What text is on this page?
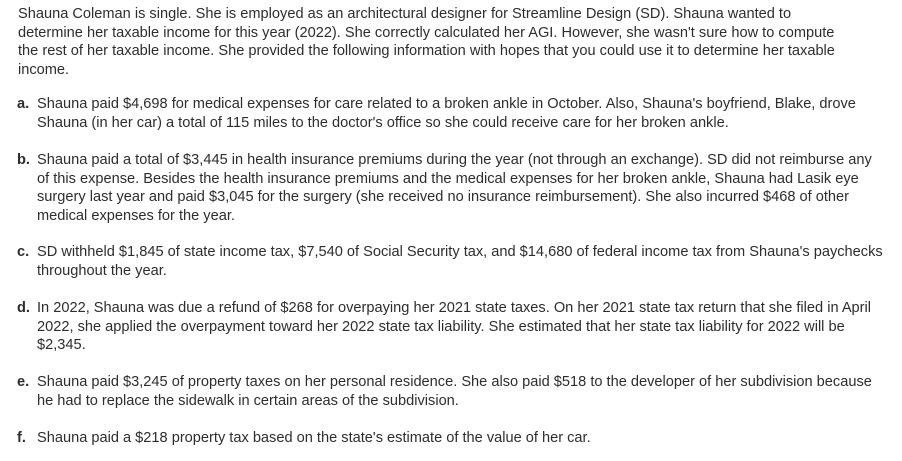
Shauna Coleman is single. She is employed as an architectural designer for Streamline Design (SD). Shauna wanted to determine her taxable income for this year (2022). She correctly calculated her AGI. However, she wasn't sure how to compute the rest of her taxable income. She provided the following information with hopes that you could use it to determine her taxable income.

a. Shauna paid $4,698 for medical expenses for care related to a broken ankle in October. Also, Shauna's boyfriend, Blake, drove Shauna (in her car) a total of 115 miles to the doctor's office so she could receive care for her broken ankle.

b. Shauna paid a total of $3,445 in health insurance premiums during the year (not through an exchange). SD did not reimburse any of this expense. Besides the health insurance premiums and the medical expenses for her broken ankle, Shauna had Lasik eye surgery last year and paid $3,045 for the surgery (she received no insurance reimbursement). She also incurred $468 of other medical expenses for the year.

c. SD withheld $1,845 of state income tax, $7,540 of Social Security tax, and $14,680 of federal income tax from Shauna's paychecks throughout the year.

d. In 2022, Shauna was due a refund of $268 for overpaying her 2021 state taxes. On her 2021 state tax return that she filed in April 2022, she applied the overpayment toward her 2022 state tax liability. She estimated that her state tax liability for 2022 will be $2,345.

e. Shauna paid $3,245 of property taxes on her personal residence. She also paid $518 to the developer of her subdivision because he had to replace the sidewalk in certain areas of the subdivision.

f. Shauna paid a $218 property tax based on the state's estimate of the value of her car.
